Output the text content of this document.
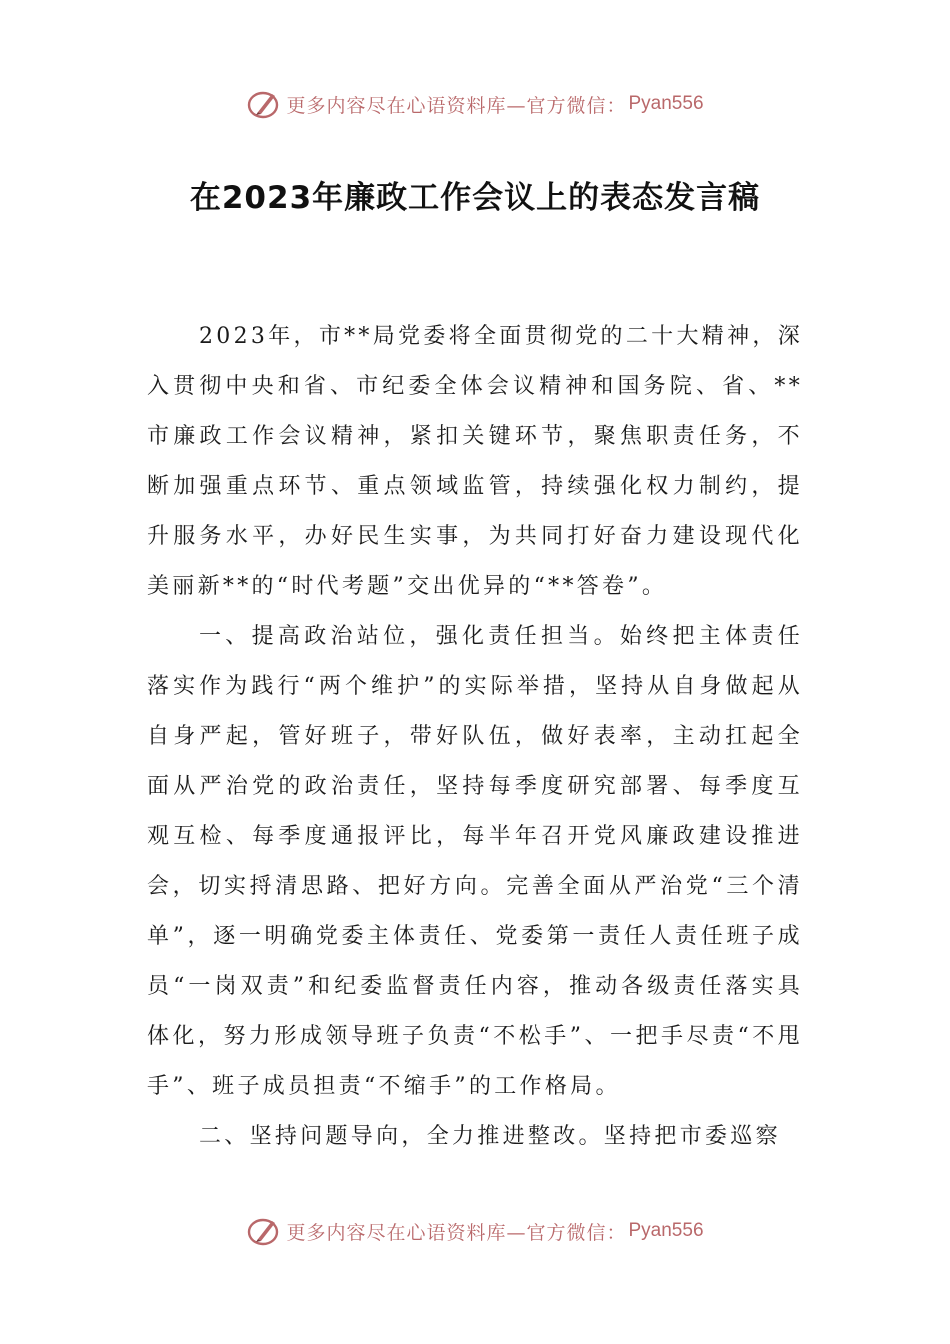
更多内容尽在心语资料库—官方微信： Pyan556
在2023年廉政工作会议上的表态发言稿

2023年，市**局党委将全面贯彻党的二十大精神，深入贯彻中央和省、市纪委全体会议精神和国务院、省、**市廉政工作会议精神，紧扣关键环节，聚焦职责任务，不断加强重点环节、重点领域监管，持续强化权力制约，提升服务水平，办好民生实事，为共同打好奋力建设现代化美丽新**的“时代考题”交出优异的“**答卷”。

一、提高政治站位，强化责任担当。始终把主体责任落实作为践行“两个维护”的实际举措，坚持从自身做起从自身严起，管好班子，带好队伍，做好表率，主动扛起全面从严治党的政治责任，坚持每季度研究部署、每季度互观互检、每季度通报评比，每半年召开党风廉政建设推进会，切实捋清思路、把好方向。完善全面从严治党“三个清单”，逐一明确党委主体责任、党委第一责任人责任班子成员“一岗双责”和纪委监督责任内容，推动各级责任落实具体化，努力形成领导班子负责“不松手”、一把手尽责“不甩手”、班子成员担责“不缩手”的工作格局。

二、坚持问题导向，全力推进整改。坚持把市委巡察

更多内容尽在心语资料库—官方微信： Pyan556
